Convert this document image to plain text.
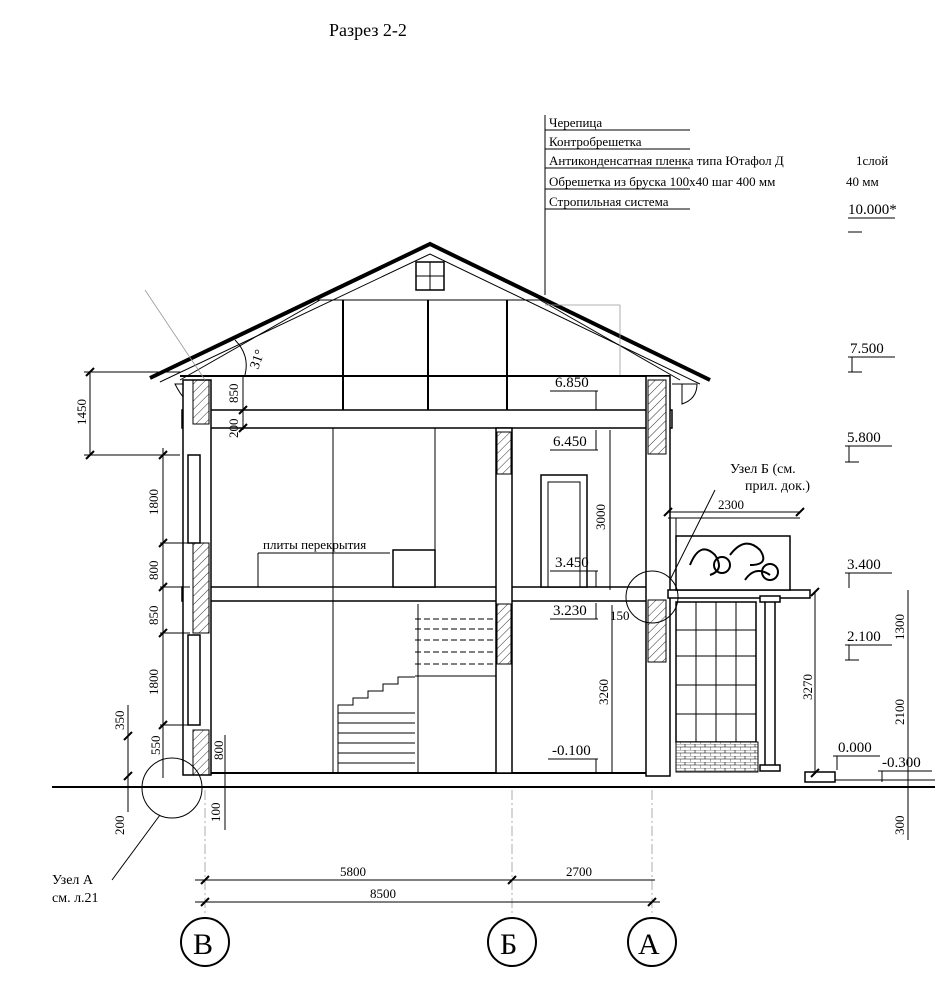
Разрез 2-2
Черепица
Контробрешетка
Антиконденсатная пленка типа Ютафол Д	1слой
Обрешетка из бруска 100х40 шаг 400 мм	40 мм
Стропильная система
10.000*
7.500
5.800
3.400
2.100
0.000
-0.300
6.850
6.450
3.450
3.230
-0.100
31°
плиты перекрытия
Узел Б (см.
прил. док.)
Узел А
см. л.21
1450
1800
800
850
1800
350
550
200
850
200
800
100
3000
3260
150
2300
3270
1300
2100
300
5800	2700
8500
В	Б	А
